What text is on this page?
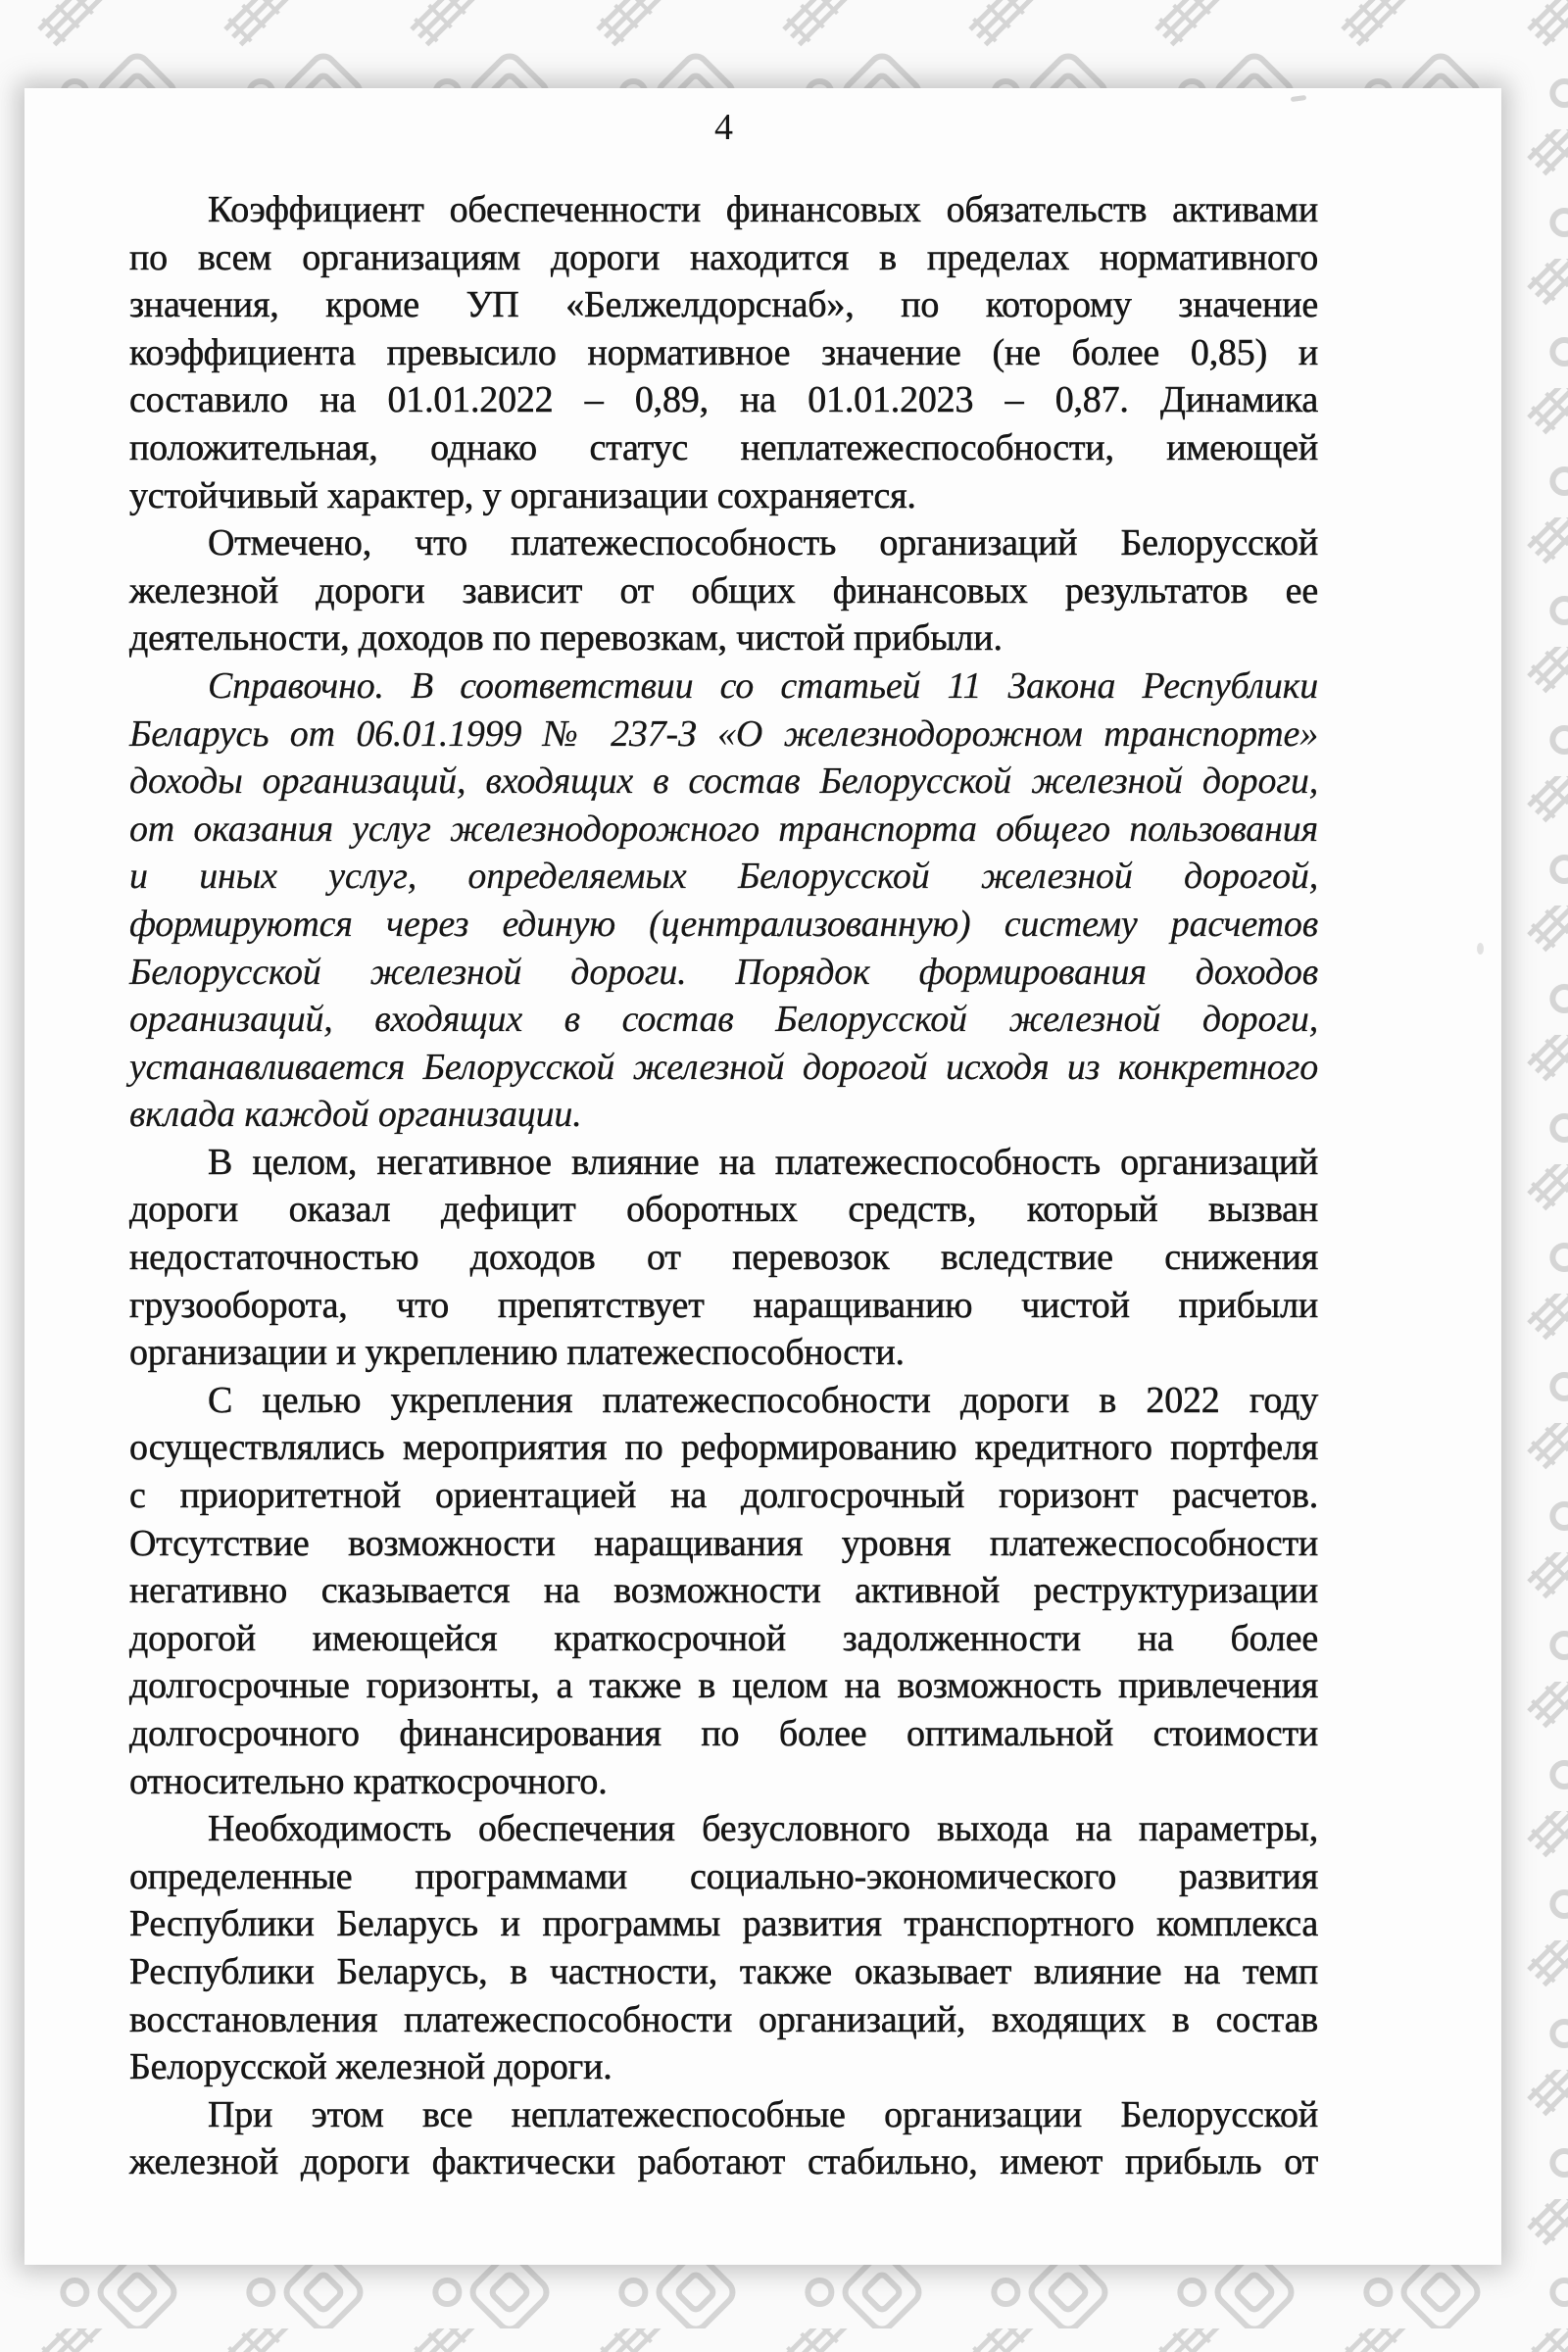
4
Коэффициент обеспеченности финансовых обязательств активами
по всем организациям дороги находится в пределах нормативного
значения, кроме УП «Белжелдорснаб», по которому значение
коэффициента превысило нормативное значение (не более 0,85) и
составило на 01.01.2022 – 0,89, на 01.01.2023 – 0,87. Динамика
положительная, однако статус неплатежеспособности, имеющей
устойчивый характер, у организации сохраняется.
Отмечено, что платежеспособность организаций Белорусской
железной дороги зависит от общих финансовых результатов ее
деятельности, доходов по перевозкам, чистой прибыли.
Справочно. В соответствии со статьей 11 Закона Республики
Беларусь от 06.01.1999 № 237-З «О железнодорожном транспорте»
доходы организаций, входящих в состав Белорусской железной дороги,
от оказания услуг железнодорожного транспорта общего пользования
и иных услуг, определяемых Белорусской железной дорогой,
формируются через единую (централизованную) систему расчетов
Белорусской железной дороги. Порядок формирования доходов
организаций, входящих в состав Белорусской железной дороги,
устанавливается Белорусской железной дорогой исходя из конкретного
вклада каждой организации.
В целом, негативное влияние на платежеспособность организаций
дороги оказал дефицит оборотных средств, который вызван
недостаточностью доходов от перевозок вследствие снижения
грузооборота, что препятствует наращиванию чистой прибыли
организации и укреплению платежеспособности.
С целью укрепления платежеспособности дороги в 2022 году
осуществлялись мероприятия по реформированию кредитного портфеля
с приоритетной ориентацией на долгосрочный горизонт расчетов.
Отсутствие возможности наращивания уровня платежеспособности
негативно сказывается на возможности активной реструктуризации
дорогой имеющейся краткосрочной задолженности на более
долгосрочные горизонты, а также в целом на возможность привлечения
долгосрочного финансирования по более оптимальной стоимости
относительно краткосрочного.
Необходимость обеспечения безусловного выхода на параметры,
определенные программами социально-экономического развития
Республики Беларусь и программы развития транспортного комплекса
Республики Беларусь, в частности, также оказывает влияние на темп
восстановления платежеспособности организаций, входящих в состав
Белорусской железной дороги.
При этом все неплатежеспособные организации Белорусской
железной дороги фактически работают стабильно, имеют прибыль от
